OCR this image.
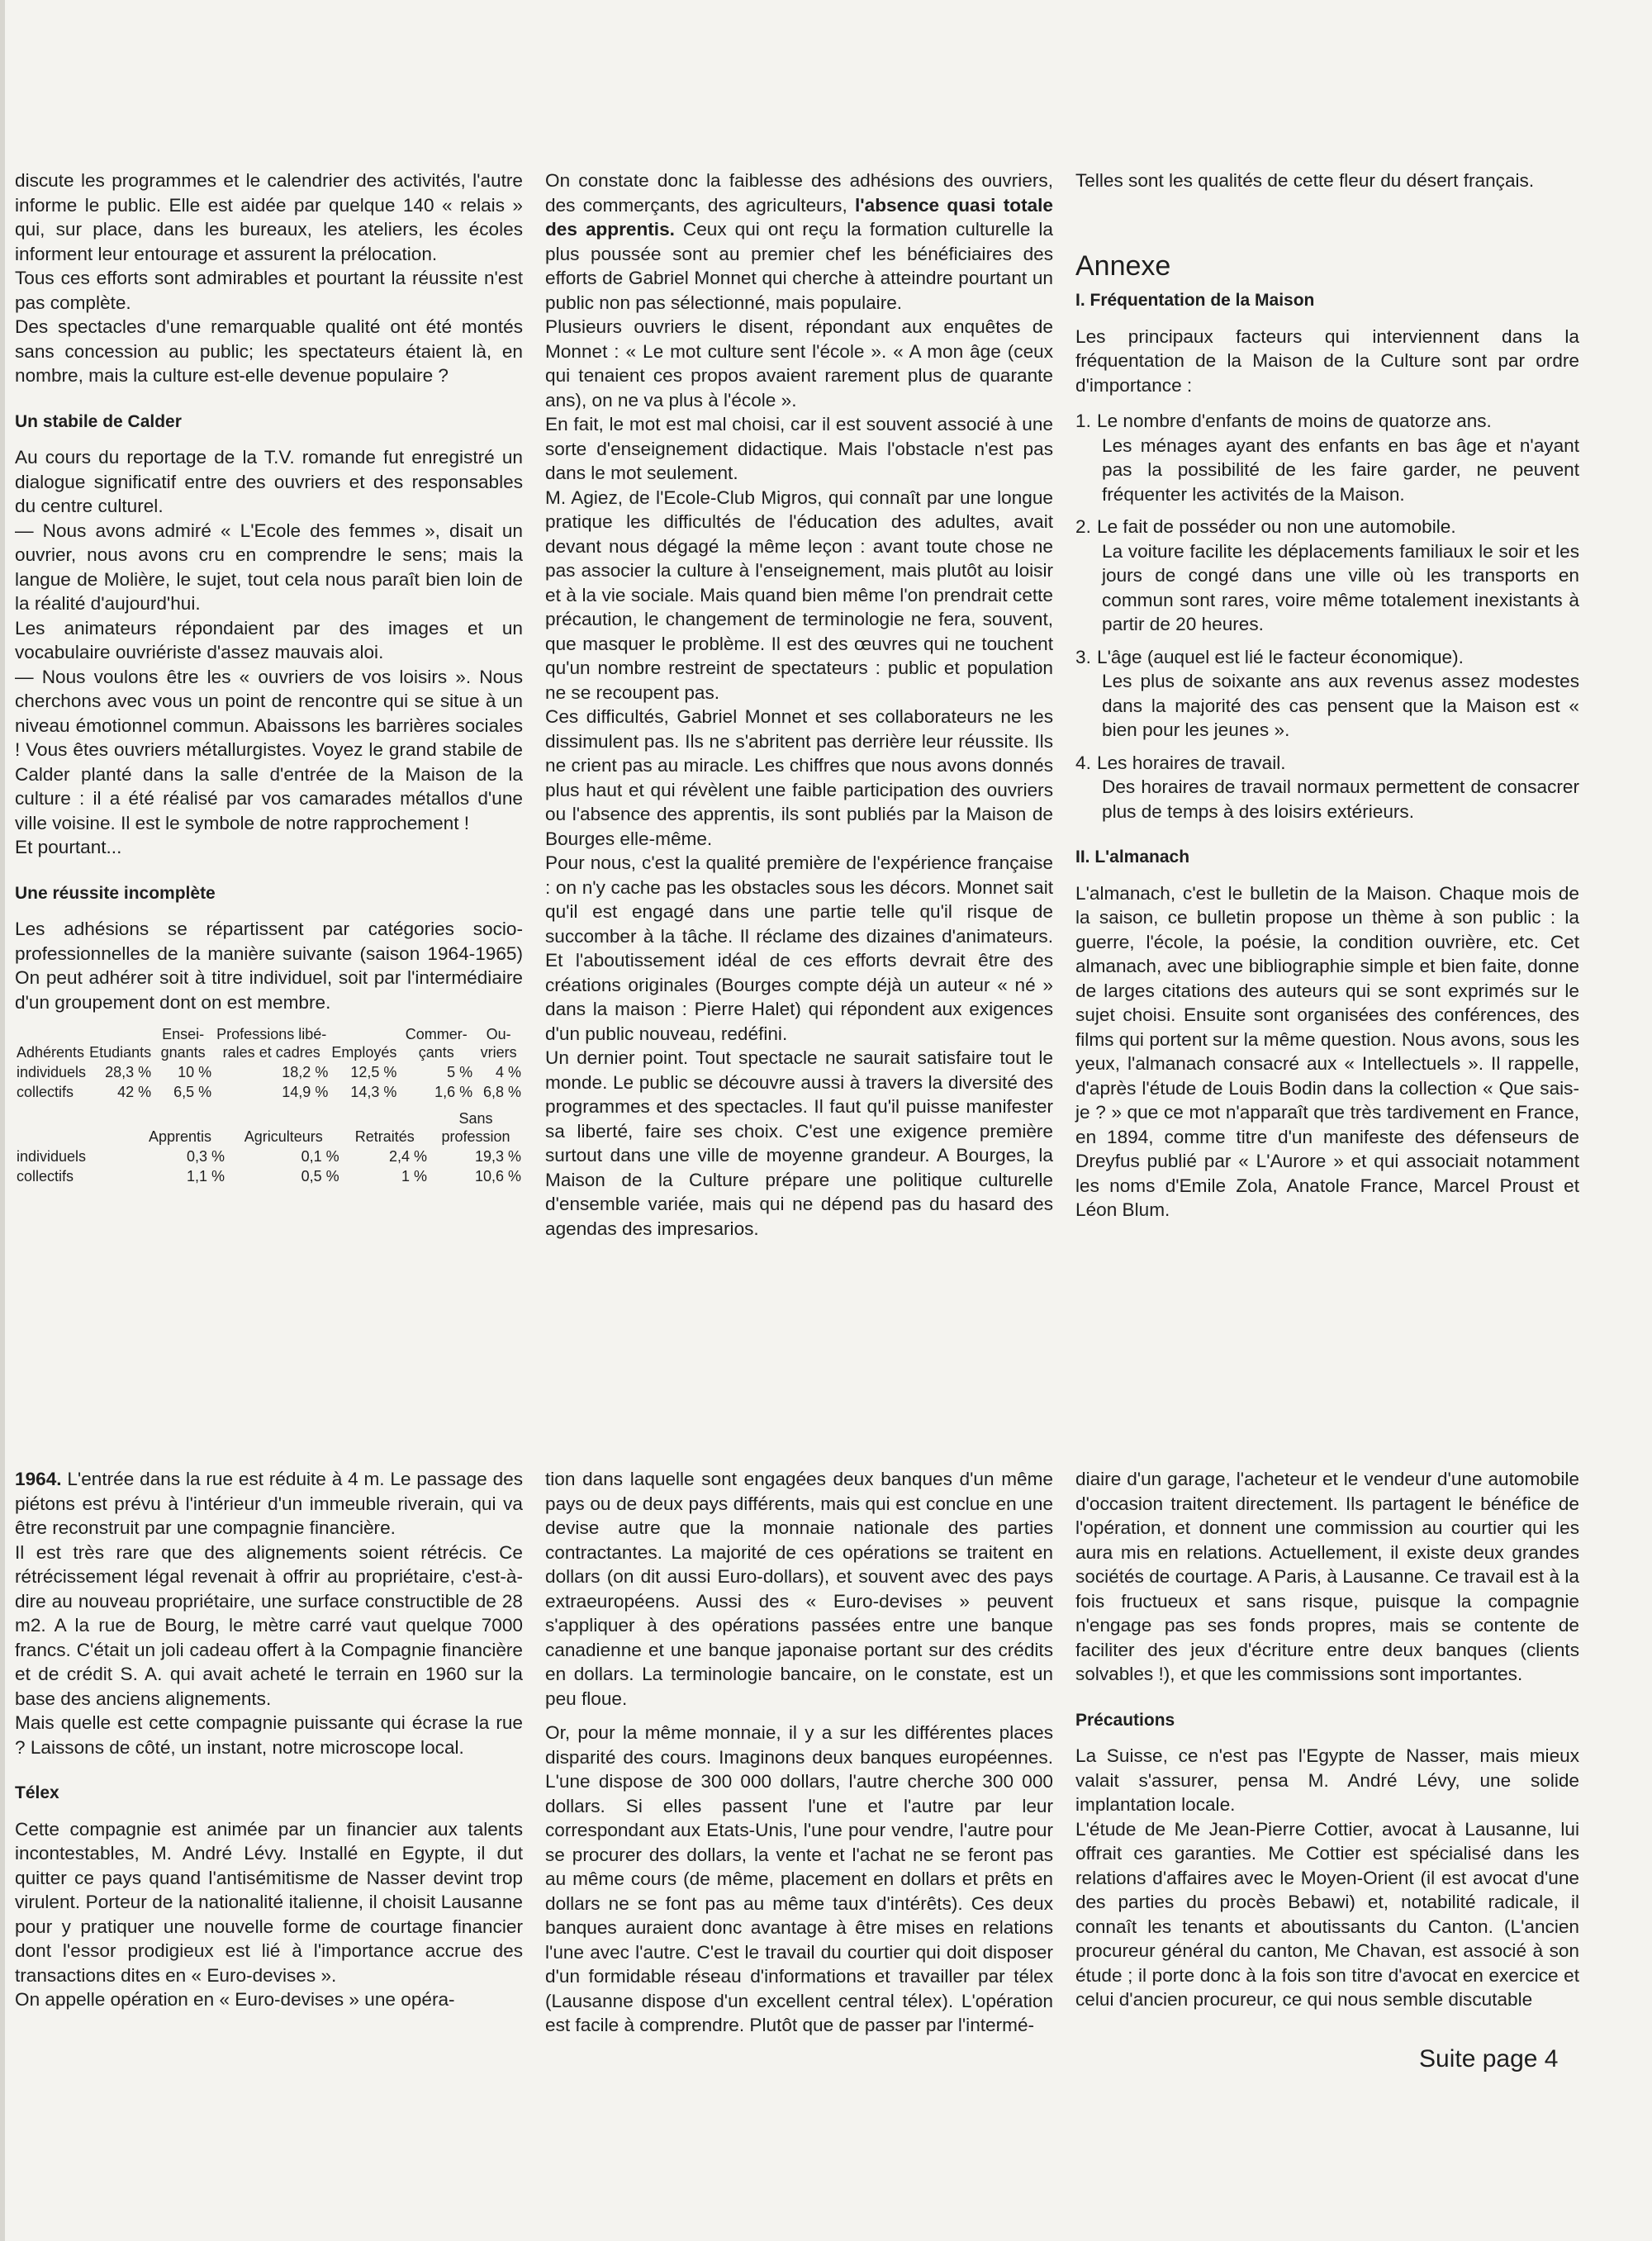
discute les programmes et le calendrier des activités, l'autre informe le public. Elle est aidée par quelque 140 « relais » qui, sur place, dans les bureaux, les ateliers, les écoles informent leur entourage et assurent la prélocation.

Tous ces efforts sont admirables et pourtant la réussite n'est pas complète.

Des spectacles d'une remarquable qualité ont été montés sans concession au public; les spectateurs étaient là, en nombre, mais la culture est-elle devenue populaire ?

Un stabile de Calder

Au cours du reportage de la T.V. romande fut enregistré un dialogue significatif entre des ouvriers et des responsables du centre culturel.

— Nous avons admiré « L'Ecole des femmes », disait un ouvrier, nous avons cru en comprendre le sens; mais la langue de Molière, le sujet, tout cela nous paraît bien loin de la réalité d'aujourd'hui.

Les animateurs répondaient par des images et un vocabulaire ouvriériste d'assez mauvais aloi.

— Nous voulons être les « ouvriers de vos loisirs ». Nous cherchons avec vous un point de rencontre qui se situe à un niveau émotionnel commun. Abaissons les barrières sociales ! Vous êtes ouvriers métallurgistes. Voyez le grand stabile de Calder planté dans la salle d'entrée de la Maison de la culture : il a été réalisé par vos camarades métallos d'une ville voisine. Il est le symbole de notre rapprochement !

Et pourtant...

Une réussite incomplète

Les adhésions se répartissent par catégories socio-professionnelles de la manière suivante (saison 1964-1965) On peut adhérer soit à titre individuel, soit par l'intermédiaire d'un groupement dont on est membre.

Adhérents	Etudiants	Ensei- gnants	Professions libé- rales et cadres	Employés	Commer- çants	Ou- vriers
individuels	28,3 %	10 %	18,2 %	12,5 %	5 %	4 %
collectifs	42 %	6,5 %	14,9 %	14,3 %	1,6 %	6,8 %
	Apprentis	Agriculteurs	Retraités	Sans profession
individuels	0,3 %	0,1 %	2,4 %	19,3 %
collectifs	1,1 %	0,5 %	1 %	10,6 %

On constate donc la faiblesse des adhésions des ouvriers, des commerçants, des agriculteurs, l'absence quasi totale des apprentis. Ceux qui ont reçu la formation culturelle la plus poussée sont au premier chef les bénéficiaires des efforts de Gabriel Monnet qui cherche à atteindre pourtant un public non pas sélectionné, mais populaire.

Plusieurs ouvriers le disent, répondant aux enquêtes de Monnet : « Le mot culture sent l'école ». « A mon âge (ceux qui tenaient ces propos avaient rarement plus de quarante ans), on ne va plus à l'école ».

En fait, le mot est mal choisi, car il est souvent associé à une sorte d'enseignement didactique. Mais l'obstacle n'est pas dans le mot seulement.

M. Agiez, de l'Ecole-Club Migros, qui connaît par une longue pratique les difficultés de l'éducation des adultes, avait devant nous dégagé la même leçon : avant toute chose ne pas associer la culture à l'enseignement, mais plutôt au loisir et à la vie sociale. Mais quand bien même l'on prendrait cette précaution, le changement de terminologie ne fera, souvent, que masquer le problème. Il est des œuvres qui ne touchent qu'un nombre restreint de spectateurs : public et population ne se recoupent pas.

Ces difficultés, Gabriel Monnet et ses collaborateurs ne les dissimulent pas. Ils ne s'abritent pas derrière leur réussite. Ils ne crient pas au miracle. Les chiffres que nous avons donnés plus haut et qui révèlent une faible participation des ouvriers ou l'absence des apprentis, ils sont publiés par la Maison de Bourges elle-même.

Pour nous, c'est la qualité première de l'expérience française : on n'y cache pas les obstacles sous les décors. Monnet sait qu'il est engagé dans une partie telle qu'il risque de succomber à la tâche. Il réclame des dizaines d'animateurs. Et l'aboutissement idéal de ces efforts devrait être des créations originales (Bourges compte déjà un auteur « né » dans la maison : Pierre Halet) qui répondent aux exigences d'un public nouveau, redéfini.

Un dernier point. Tout spectacle ne saurait satisfaire tout le monde. Le public se découvre aussi à travers la diversité des programmes et des spectacles. Il faut qu'il puisse manifester sa liberté, faire ses choix. C'est une exigence première surtout dans une ville de moyenne grandeur. A Bourges, la Maison de la Culture prépare une politique culturelle d'ensemble variée, mais qui ne dépend pas du hasard des agendas des impresarios.

Telles sont les qualités de cette fleur du désert français.

Annexe
I. Fréquentation de la Maison

Les principaux facteurs qui interviennent dans la fréquentation de la Maison de la Culture sont par ordre d'importance :

1. Le nombre d'enfants de moins de quatorze ans.
Les ménages ayant des enfants en bas âge et n'ayant pas la possibilité de les faire garder, ne peuvent fréquenter les activités de la Maison.
2. Le fait de posséder ou non une automobile.
La voiture facilite les déplacements familiaux le soir et les jours de congé dans une ville où les transports en commun sont rares, voire même totalement inexistants à partir de 20 heures.
3. L'âge (auquel est lié le facteur économique).
Les plus de soixante ans aux revenus assez modestes dans la majorité des cas pensent que la Maison est « bien pour les jeunes ».
4. Les horaires de travail.
Des horaires de travail normaux permettent de consacrer plus de temps à des loisirs extérieurs.
II. L'almanach

L'almanach, c'est le bulletin de la Maison. Chaque mois de la saison, ce bulletin propose un thème à son public : la guerre, l'école, la poésie, la condition ouvrière, etc. Cet almanach, avec une bibliographie simple et bien faite, donne de larges citations des auteurs qui se sont exprimés sur le sujet choisi. Ensuite sont organisées des conférences, des films qui portent sur la même question. Nous avons, sous les yeux, l'almanach consacré aux « Intellectuels ». Il rappelle, d'après l'étude de Louis Bodin dans la collection « Que sais-je ? » que ce mot n'apparaît que très tardivement en France, en 1894, comme titre d'un manifeste des défenseurs de Dreyfus publié par « L'Aurore » et qui associait notamment les noms d'Emile Zola, Anatole France, Marcel Proust et Léon Blum.

1964. L'entrée dans la rue est réduite à 4 m. Le passage des piétons est prévu à l'intérieur d'un immeuble riverain, qui va être reconstruit par une compagnie financière.

Il est très rare que des alignements soient rétrécis. Ce rétrécissement légal revenait à offrir au propriétaire, c'est-à-dire au nouveau propriétaire, une surface constructible de 28 m2. A la rue de Bourg, le mètre carré vaut quelque 7000 francs. C'était un joli cadeau offert à la Compagnie financière et de crédit S. A. qui avait acheté le terrain en 1960 sur la base des anciens alignements.

Mais quelle est cette compagnie puissante qui écrase la rue ? Laissons de côté, un instant, notre microscope local.

Télex

Cette compagnie est animée par un financier aux talents incontestables, M. André Lévy. Installé en Egypte, il dut quitter ce pays quand l'antisémitisme de Nasser devint trop virulent. Porteur de la nationalité italienne, il choisit Lausanne pour y pratiquer une nouvelle forme de courtage financier dont l'essor prodigieux est lié à l'importance accrue des transactions dites en « Euro-devises ».

On appelle opération en « Euro-devises » une opéra-

tion dans laquelle sont engagées deux banques d'un même pays ou de deux pays différents, mais qui est conclue en une devise autre que la monnaie nationale des parties contractantes. La majorité de ces opérations se traitent en dollars (on dit aussi Euro-dollars), et souvent avec des pays extraeuropéens. Aussi des « Euro-devises » peuvent s'appliquer à des opérations passées entre une banque canadienne et une banque japonaise portant sur des crédits en dollars. La terminologie bancaire, on le constate, est un peu floue.

Or, pour la même monnaie, il y a sur les différentes places disparité des cours. Imaginons deux banques européennes. L'une dispose de 300 000 dollars, l'autre cherche 300 000 dollars. Si elles passent l'une et l'autre par leur correspondant aux Etats-Unis, l'une pour vendre, l'autre pour se procurer des dollars, la vente et l'achat ne se feront pas au même cours (de même, placement en dollars et prêts en dollars ne se font pas au même taux d'intérêts). Ces deux banques auraient donc avantage à être mises en relations l'une avec l'autre. C'est le travail du courtier qui doit disposer d'un formidable réseau d'informations et travailler par télex (Lausanne dispose d'un excellent central télex). L'opération est facile à comprendre. Plutôt que de passer par l'intermé-

diaire d'un garage, l'acheteur et le vendeur d'une automobile d'occasion traitent directement. Ils partagent le bénéfice de l'opération, et donnent une commission au courtier qui les aura mis en relations. Actuellement, il existe deux grandes sociétés de courtage. A Paris, à Lausanne. Ce travail est à la fois fructueux et sans risque, puisque la compagnie n'engage pas ses fonds propres, mais se contente de faciliter des jeux d'écriture entre deux banques (clients solvables !), et que les commissions sont importantes.

Précautions

La Suisse, ce n'est pas l'Egypte de Nasser, mais mieux valait s'assurer, pensa M. André Lévy, une solide implantation locale.

L'étude de Me Jean-Pierre Cottier, avocat à Lausanne, lui offrait ces garanties. Me Cottier est spécialisé dans les relations d'affaires avec le Moyen-Orient (il est avocat d'une des parties du procès Bebawi) et, notabilité radicale, il connaît les tenants et aboutissants du Canton. (L'ancien procureur général du canton, Me Chavan, est associé à son étude ; il porte donc à la fois son titre d'avocat en exercice et celui d'ancien procureur, ce qui nous semble discutable

Suite page 4
